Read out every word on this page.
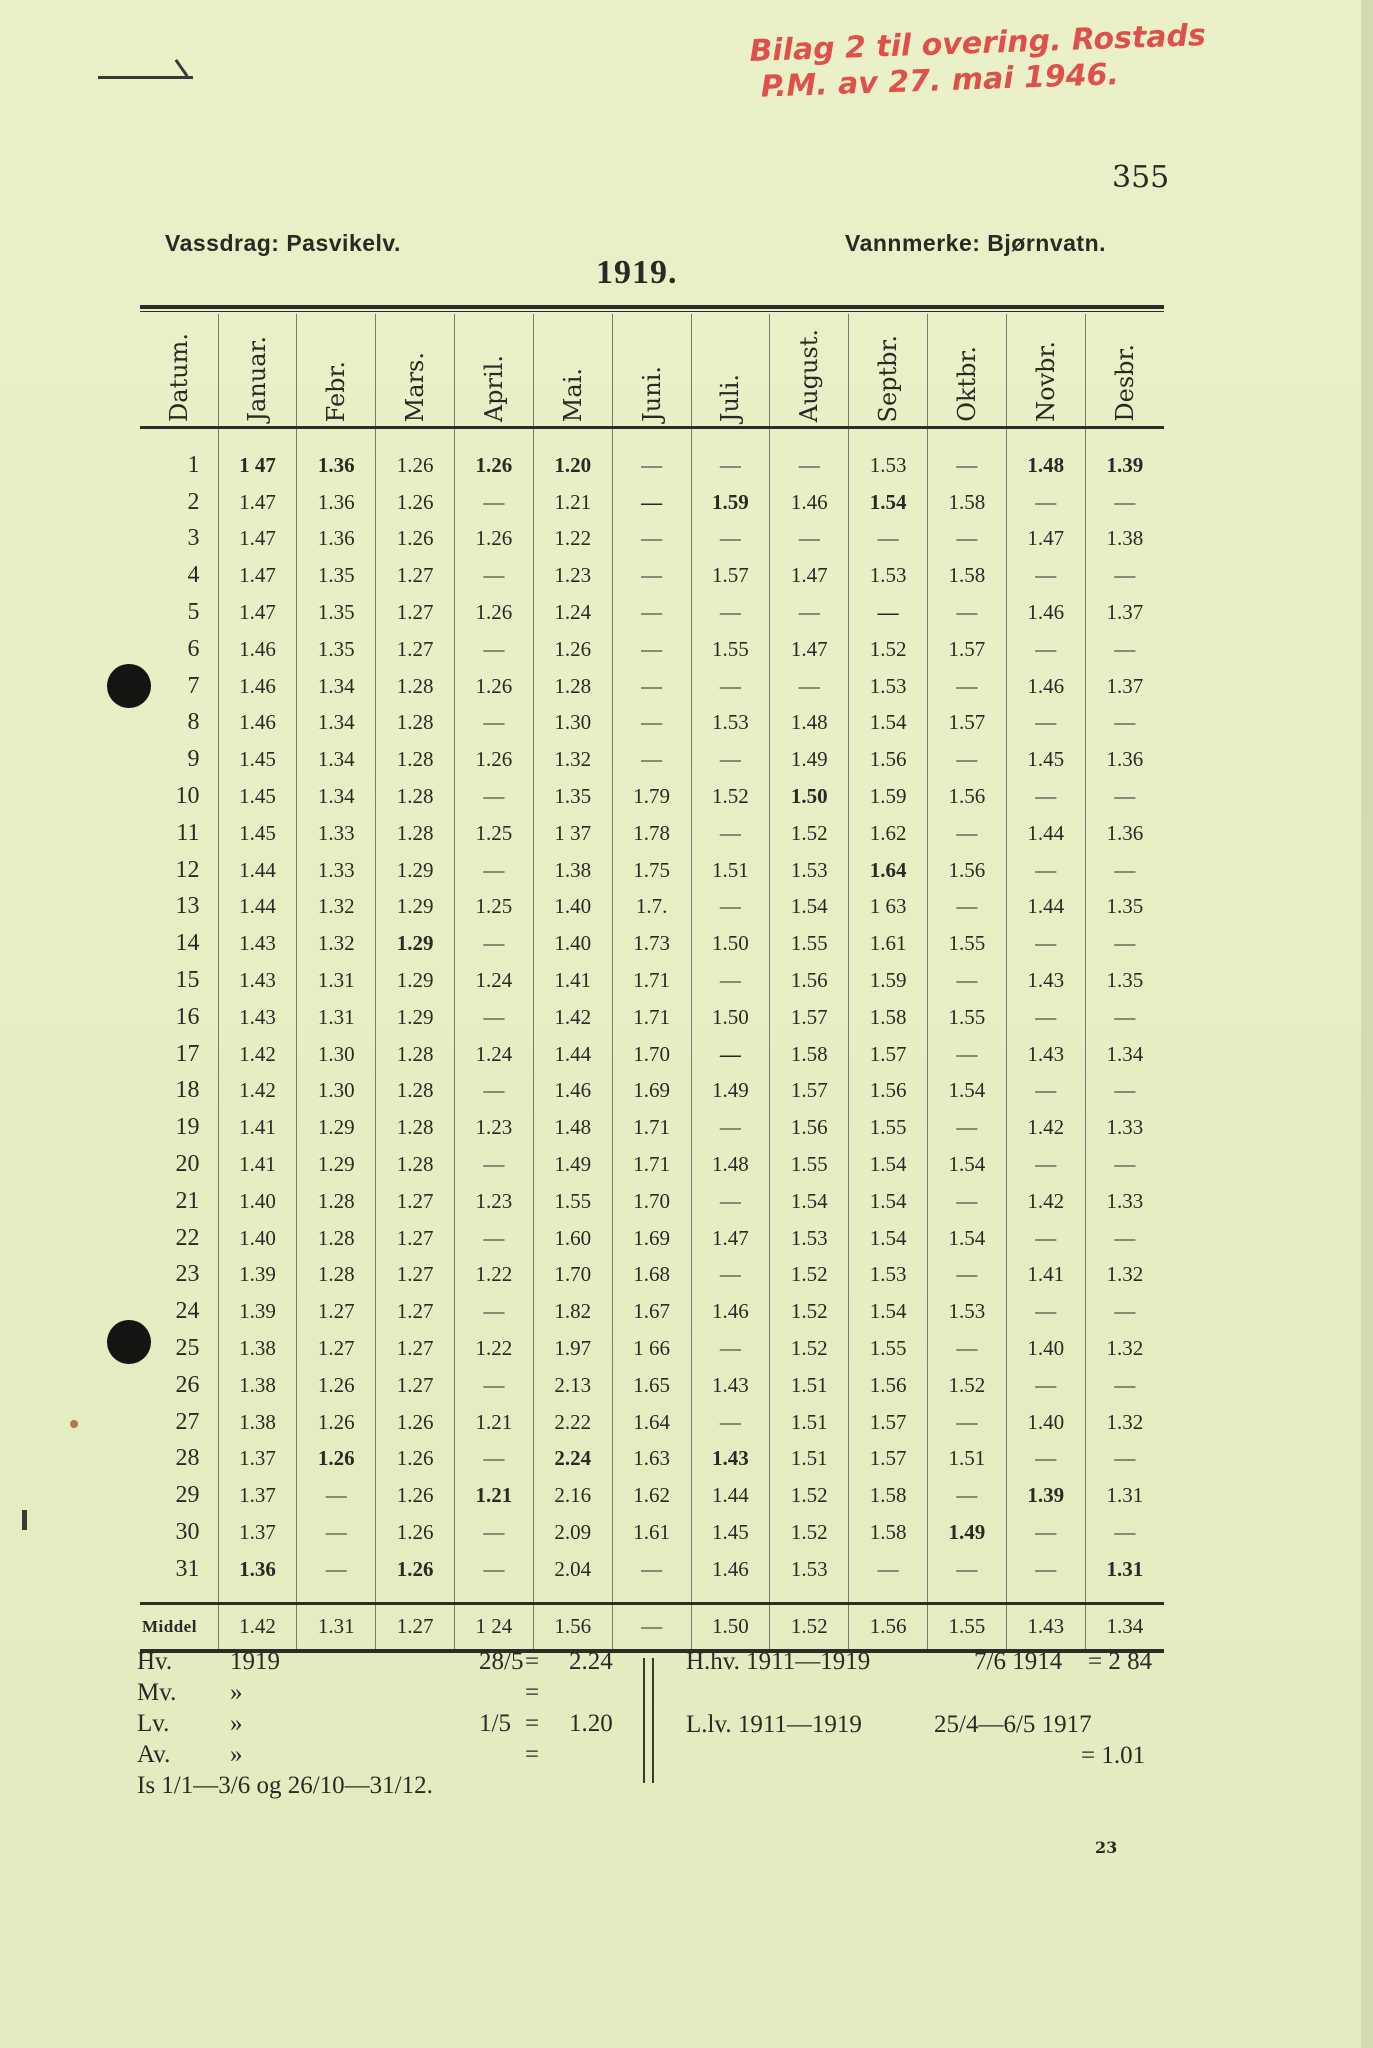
Bilag 2 til overing. Rostads
P.M. av 27. mai 1946.
355
Vassdrag: Pasvikelv.	Vannmerke: Bjørnvatn.
1919.
Datum.	Januar.	Febr.	Mars.	April.	Mai.	Juni.	Juli.	August.	Septbr.	Oktbr.	Novbr.	Desbr.
1	1 47	1.36	1.26	1.26	1.20	—	—	—	1.53	—	1.48	1.39
2	1.47	1.36	1.26	—	1.21	—	1.59	1.46	1.54	1.58	—	—
3	1.47	1.36	1.26	1.26	1.22	—	—	—	—	—	1.47	1.38
4	1.47	1.35	1.27	—	1.23	—	1.57	1.47	1.53	1.58	—	—
5	1.47	1.35	1.27	1.26	1.24	—	—	—	—	—	1.46	1.37
6	1.46	1.35	1.27	—	1.26	—	1.55	1.47	1.52	1.57	—	—
7	1.46	1.34	1.28	1.26	1.28	—	—	—	1.53	—	1.46	1.37
8	1.46	1.34	1.28	—	1.30	—	1.53	1.48	1.54	1.57	—	—
9	1.45	1.34	1.28	1.26	1.32	—	—	1.49	1.56	—	1.45	1.36
10	1.45	1.34	1.28	—	1.35	1.79	1.52	1.50	1.59	1.56	—	—
11	1.45	1.33	1.28	1.25	1 37	1.78	—	1.52	1.62	—	1.44	1.36
12	1.44	1.33	1.29	—	1.38	1.75	1.51	1.53	1.64	1.56	—	—
13	1.44	1.32	1.29	1.25	1.40	1.7.	—	1.54	1 63	—	1.44	1.35
14	1.43	1.32	1.29	—	1.40	1.73	1.50	1.55	1.61	1.55	—	—
15	1.43	1.31	1.29	1.24	1.41	1.71	—	1.56	1.59	—	1.43	1.35
16	1.43	1.31	1.29	—	1.42	1.71	1.50	1.57	1.58	1.55	—	—
17	1.42	1.30	1.28	1.24	1.44	1.70	—	1.58	1.57	—	1.43	1.34
18	1.42	1.30	1.28	—	1.46	1.69	1.49	1.57	1.56	1.54	—	—
19	1.41	1.29	1.28	1.23	1.48	1.71	—	1.56	1.55	—	1.42	1.33
20	1.41	1.29	1.28	—	1.49	1.71	1.48	1.55	1.54	1.54	—	—
21	1.40	1.28	1.27	1.23	1.55	1.70	—	1.54	1.54	—	1.42	1.33
22	1.40	1.28	1.27	—	1.60	1.69	1.47	1.53	1.54	1.54	—	—
23	1.39	1.28	1.27	1.22	1.70	1.68	—	1.52	1.53	—	1.41	1.32
24	1.39	1.27	1.27	—	1.82	1.67	1.46	1.52	1.54	1.53	—	—
25	1.38	1.27	1.27	1.22	1.97	1 66	—	1.52	1.55	—	1.40	1.32
26	1.38	1.26	1.27	—	2.13	1.65	1.43	1.51	1.56	1.52	—	—
27	1.38	1.26	1.26	1.21	2.22	1.64	—	1.51	1.57	—	1.40	1.32
28	1.37	1.26	1.26	—	2.24	1.63	1.43	1.51	1.57	1.51	—	—
29	1.37	—	1.26	1.21	2.16	1.62	1.44	1.52	1.58	—	1.39	1.31
30	1.37	—	1.26	—	2.09	1.61	1.45	1.52	1.58	1.49	—	—
31	1.36	—	1.26	—	2.04	—	1.46	1.53	—	—	—	1.31
Middel	1.42	1.31	1.27	1 24	1.56	—	1.50	1.52	1.56	1.55	1.43	1.34
Hv. 1919	28/5 = 2.24
Mv. »	=
Lv. »	1/5 = 1.20
Av. »	=
Is 1/1—3/6 og 26/10—31/12.
H.hv. 1911—1919	7/6 1914 = 2 84
L.lv. 1911—1919	25/4—6/5 1917
= 1.01
23
